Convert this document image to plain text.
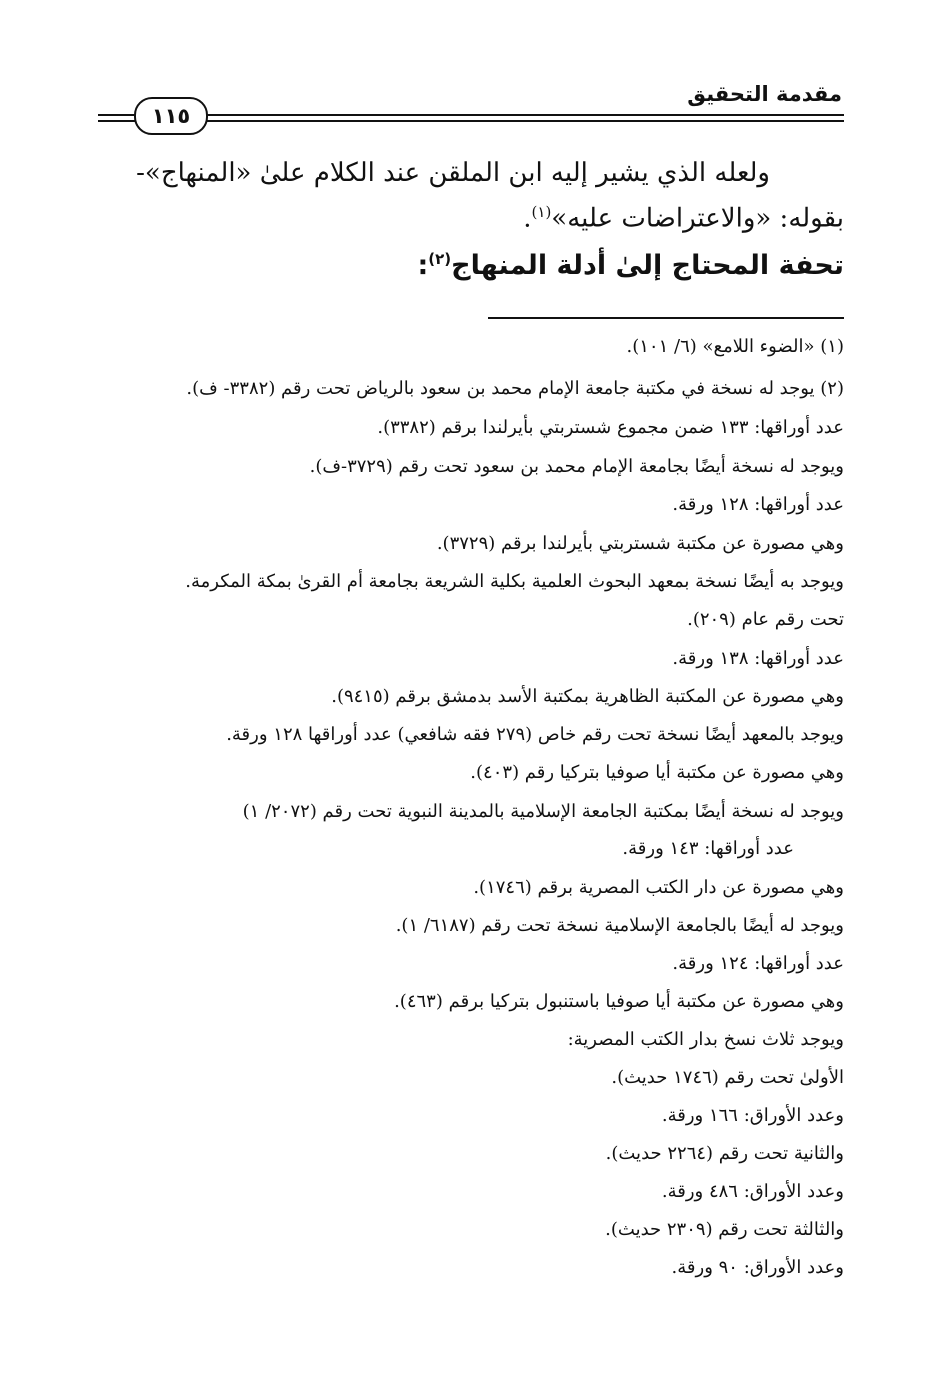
مقدمة التحقيق
١١٥
ولعله الذي يشير إليه ابن الملقن عند الكلام علىٰ «المنهاج»-
بقوله: «والاعتراضات عليه»$^{(١)}$.
تحفة المحتاج إلىٰ أدلة المنهاج$^{(٢)}$:
(١) «الضوء اللامع» (٦/ ١٠١).
(٢) يوجد له نسخة في مكتبة جامعة الإمام محمد بن سعود بالرياض تحت رقم (٣٣٨٢- ف).
عدد أوراقها: ١٣٣ ضمن مجموع شستربتي بأيرلندا برقم (٣٣٨٢).
ويوجد له نسخة أيضًا بجامعة الإمام محمد بن سعود تحت رقم (٣٧٢٩-ف).
عدد أوراقها: ١٢٨ ورقة.
وهي مصورة عن مكتبة شستربتي بأيرلندا برقم (٣٧٢٩).
ويوجد به أيضًا نسخة بمعهد البحوث العلمية بكلية الشريعة بجامعة أم القرىٰ بمكة المكرمة.
تحت رقم عام (٢٠٩).
عدد أوراقها: ١٣٨ ورقة.
وهي مصورة عن المكتبة الظاهرية بمكتبة الأسد بدمشق برقم (٩٤١٥).
ويوجد بالمعهد أيضًا نسخة تحت رقم خاص (٢٧٩ فقه شافعي) عدد أوراقها ١٢٨ ورقة.
وهي مصورة عن مكتبة أيا صوفيا بتركيا رقم (٤٠٣).
ويوجد له نسخة أيضًا بمكتبة الجامعة الإسلامية بالمدينة النبوية تحت رقم (٢٠٧٢/ ١)
عدد أوراقها: ١٤٣ ورقة.
وهي مصورة عن دار الكتب المصرية برقم (١٧٤٦).
ويوجد له أيضًا بالجامعة الإسلامية نسخة تحت رقم (٦١٨٧/ ١).
عدد أوراقها: ١٢٤ ورقة.
وهي مصورة عن مكتبة أيا صوفيا باستنبول بتركيا برقم (٤٦٣).
ويوجد ثلاث نسخ بدار الكتب المصرية:
الأولىٰ تحت رقم (١٧٤٦ حديث).
وعدد الأوراق: ١٦٦ ورقة.
والثانية تحت رقم (٢٢٦٤ حديث).
وعدد الأوراق: ٤٨٦ ورقة.
والثالثة تحت رقم (٢٣٠٩ حديث).
وعدد الأوراق: ٩٠ ورقة.
